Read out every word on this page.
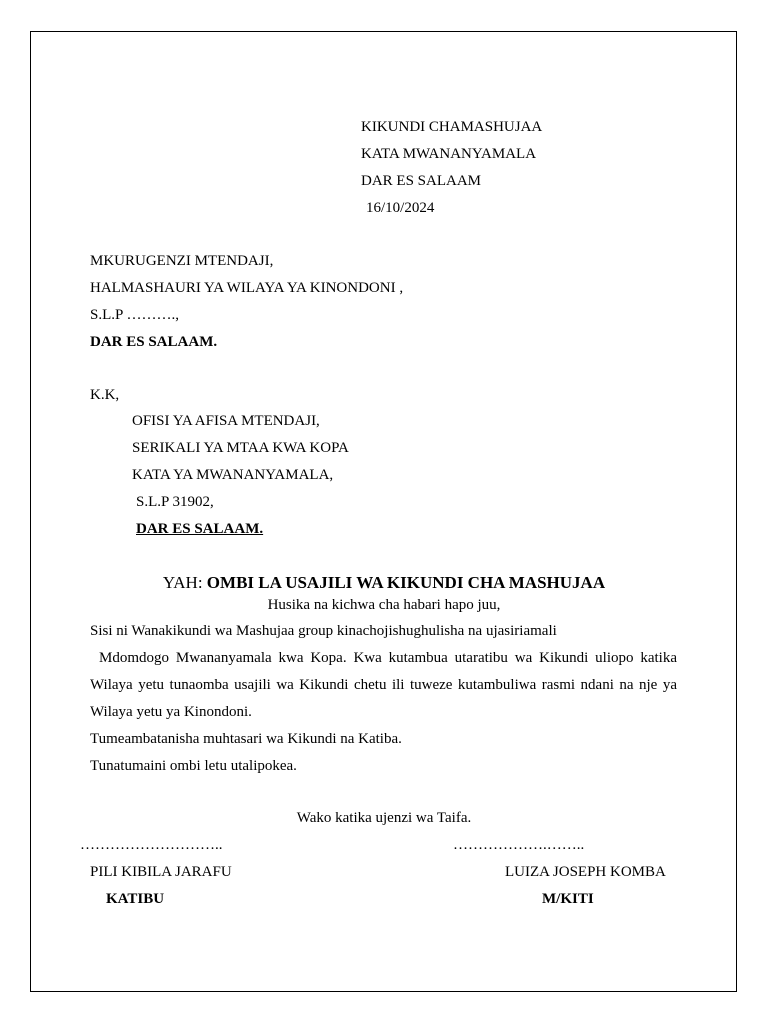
KIKUNDI CHAMASHUJAA
KATA MWANANYAMALA
DAR ES SALAAM
16/10/2024
MKURUGENZI MTENDAJI,
HALMASHAURI YA WILAYA YA KINONDONI ,
S.L.P ……….,
DAR ES SALAAM.
K.K,
OFISI YA AFISA MTENDAJI,
SERIKALI YA MTAA KWA KOPA
KATA YA MWANANYAMALA,
S.L.P 31902,
DAR ES SALAAM.
YAH: OMBI LA USAJILI WA KIKUNDI CHA MASHUJAA
Husika na kichwa cha habari hapo juu,
Sisi ni Wanakikundi wa Mashujaa group kinachojishughulisha na ujasiriamali
Mdomdogo Mwananyamala kwa Kopa. Kwa kutambua utaratibu wa Kikundi uliopo katika
Wilaya yetu tunaomba usajili wa Kikundi chetu ili tuweze kutambuliwa rasmi ndani na nje ya
Wilaya yetu ya Kinondoni.
Tumeambatanisha muhtasari wa Kikundi na Katiba.
Tunatumaini ombi letu utalipokea.
Wako katika ujenzi wa Taifa.
………………………..	……………….……..
PILI KIBILA JARAFU	LUIZA JOSEPH KOMBA
KATIBU	M/KITI
